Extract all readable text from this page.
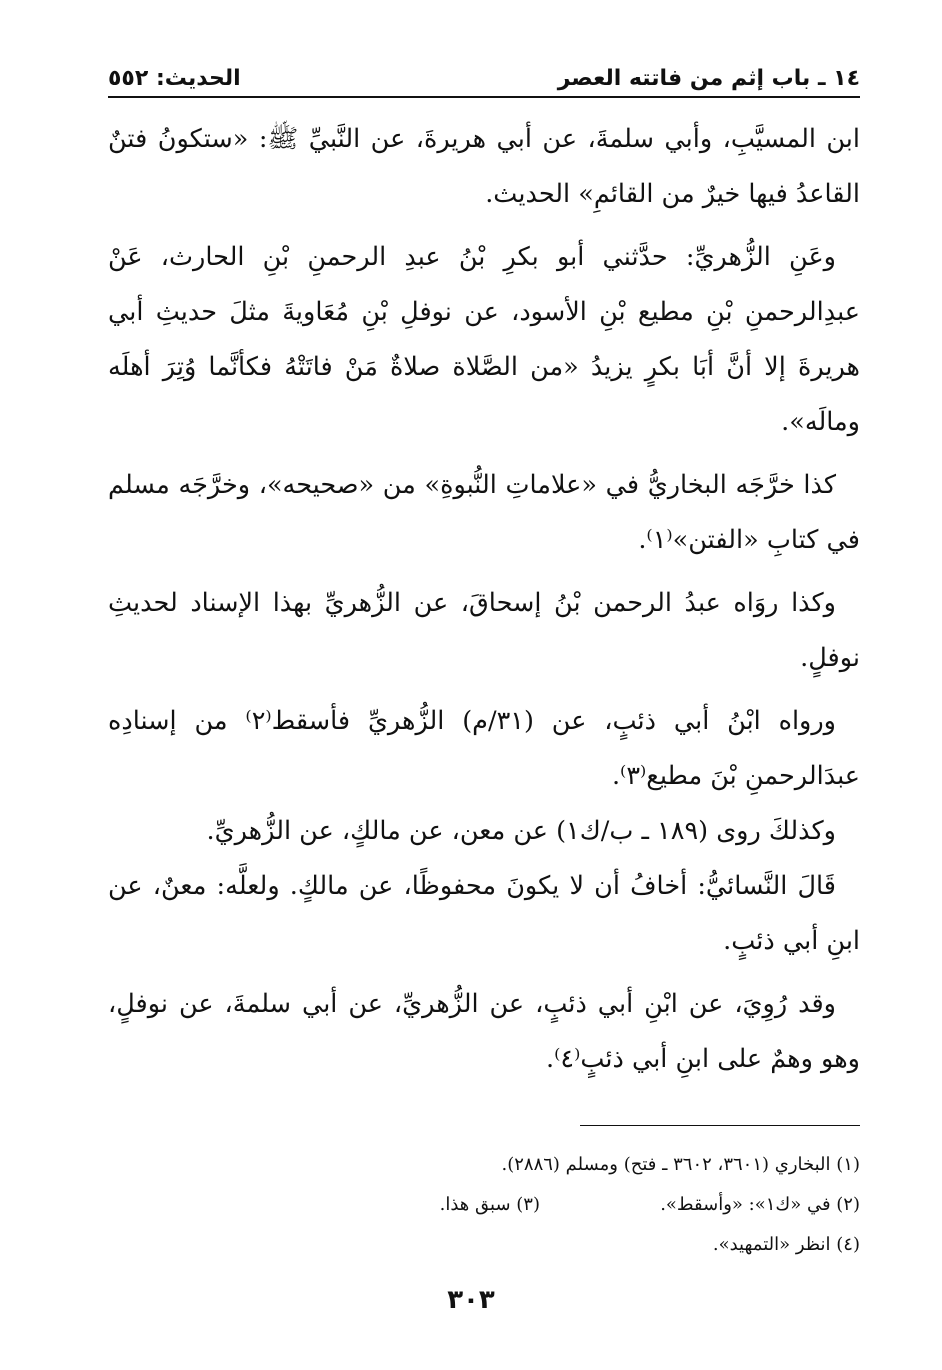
١٤ ـ باب إثم من فاتته العصر
الحديث: ٥٥٢

ابن المسيَّبِ، وأبي سلمةَ، عن أبي هريرةَ، عن النَّبيِّ ﷺ: «ستكونُ فتنٌ القاعدُ فيها خيرٌ من القائمِ» الحديث.

وعَنِ الزُّهريِّ: حدَّثني أبو بكرِ بْنُ عبدِ الرحمنِ بْنِ الحارث، عَنْ عبدِالرحمنِ بْنِ مطيع بْنِ الأسود، عن نوفلِ بْنِ مُعَاويةَ مثلَ حديثِ أبي هريرةَ إلا أنَّ أبَا بكرٍ يزيدُ «من الصَّلاة صلاةٌ مَنْ فاتَتْهُ فكأنَّما وُتِرَ أهلَه ومالَه».

كذا خرَّجَه البخاريُّ في «علاماتِ النُّبوةِ» من «صحيحه»، وخرَّجَه مسلم في كتابِ «الفتن»⁽١⁾.

وكذا روَاه عبدُ الرحمن بْنُ إسحاقَ، عن الزُّهريِّ بهذا الإسناد لحديثِ نوفلٍ.

ورواه ابْنُ أبي ذئبٍ، عن (٣١/م) الزُّهريِّ فأسقط⁽٢⁾ من إسنادِه عبدَالرحمنِ بْنَ مطيع⁽٣⁾.

وكذلكَ روى (١٨٩ ـ ب/ك١) عن معن، عن مالكٍ، عن الزُّهريِّ.

قَالَ النَّسائيُّ: أخافُ أن لا يكونَ محفوظًا، عن مالكٍ. ولعلَّه: معنٌ، عن ابنِ أبي ذئبٍ.

وقد رُوِيَ، عن ابْنِ أبي ذئبٍ، عن الزُّهريِّ، عن أبي سلمةَ، عن نوفلٍ، وهو وهمٌ على ابنِ أبي ذئبٍ⁽٤⁾.

(١) البخاري (٣٦٠١، ٣٦٠٢ ـ فتح) ومسلم (٢٨٨٦).
(٢) في «ك١»: «وأسقط».
(٣) سبق هذا.
(٤) انظر «التمهيد».
٣٠٣
